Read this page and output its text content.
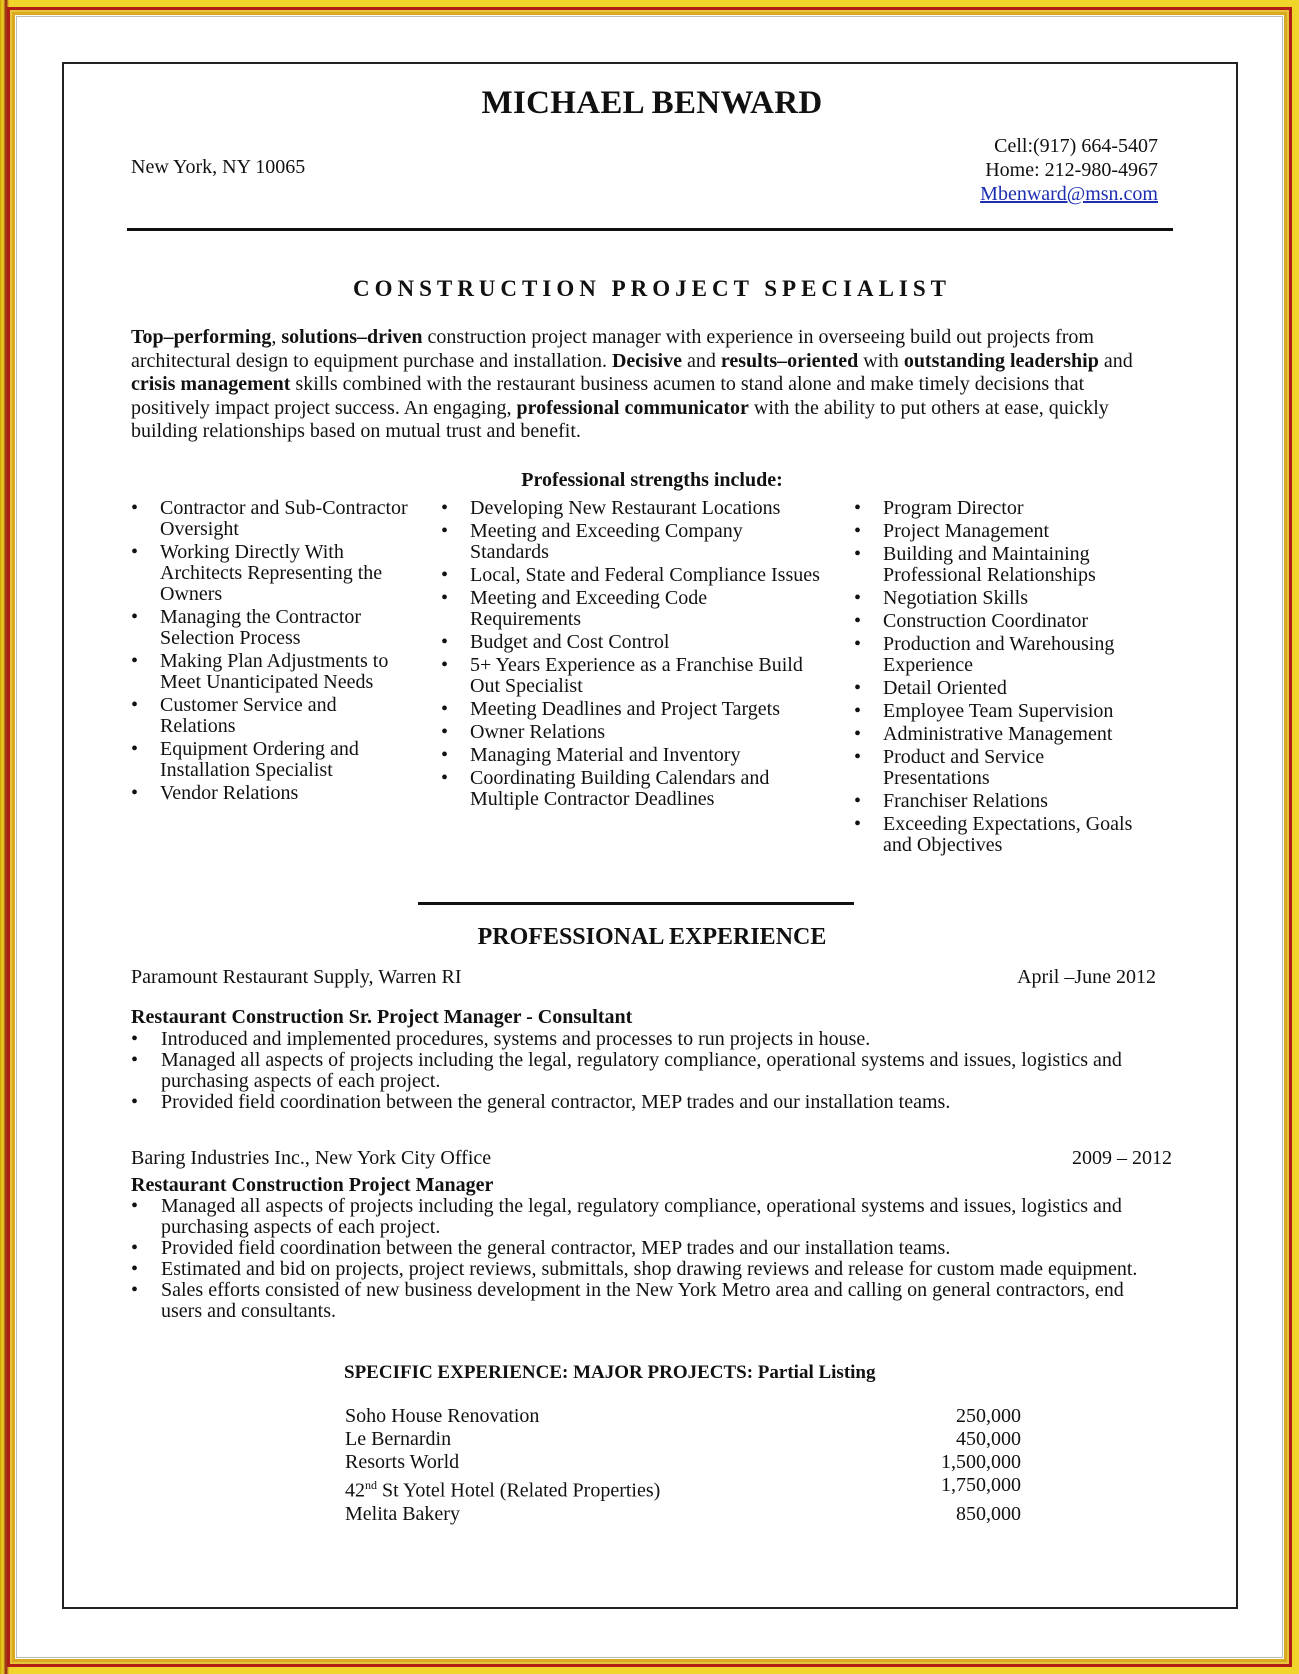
MICHAEL BENWARD
New York, NY 10065
Cell:(917) 664-5407
Home: 212-980-4967
Mbenward@msn.com
CONSTRUCTION PROJECT SPECIALIST
Top–performing, solutions–driven construction project manager with experience in overseeing build out projects from architectural design to equipment purchase and installation. Decisive and results–oriented with outstanding leadership and crisis management skills combined with the restaurant business acumen to stand alone and make timely decisions that positively impact project success. An engaging, professional communicator with the ability to put others at ease, quickly building relationships based on mutual trust and benefit.
Professional strengths include:
• Contractor and Sub-Contractor Oversight
• Working Directly With Architects Representing the Owners
• Managing the Contractor Selection Process
• Making Plan Adjustments to Meet Unanticipated Needs
• Customer Service and Relations
• Equipment Ordering and Installation Specialist
• Vendor Relations
• Developing New Restaurant Locations
• Meeting and Exceeding Company Standards
• Local, State and Federal Compliance Issues
• Meeting and Exceeding Code Requirements
• Budget and Cost Control
• 5+ Years Experience as a Franchise Build Out Specialist
• Meeting Deadlines and Project Targets
• Owner Relations
• Managing Material and Inventory
• Coordinating Building Calendars and Multiple Contractor Deadlines
• Program Director
• Project Management
• Building and Maintaining Professional Relationships
• Negotiation Skills
• Construction Coordinator
• Production and Warehousing Experience
• Detail Oriented
• Employee Team Supervision
• Administrative Management
• Product and Service Presentations
• Franchiser Relations
• Exceeding Expectations, Goals and Objectives
PROFESSIONAL EXPERIENCE
Paramount Restaurant Supply, Warren RI	April –June 2012
Restaurant Construction Sr. Project Manager - Consultant
• Introduced and implemented procedures, systems and processes to run projects in house.
• Managed all aspects of projects including the legal, regulatory compliance, operational systems and issues, logistics and purchasing aspects of each project.
• Provided field coordination between the general contractor, MEP trades and our installation teams.
Baring Industries Inc., New York City Office	2009 – 2012
Restaurant Construction Project Manager
• Managed all aspects of projects including the legal, regulatory compliance, operational systems and issues, logistics and purchasing aspects of each project.
• Provided field coordination between the general contractor, MEP trades and our installation teams.
• Estimated and bid on projects, project reviews, submittals, shop drawing reviews and release for custom made equipment.
• Sales efforts consisted of new business development in the New York Metro area and calling on general contractors, end users and consultants.
SPECIFIC EXPERIENCE: MAJOR PROJECTS: Partial Listing
Soho House Renovation	250,000
Le Bernardin	450,000
Resorts World	1,500,000
42nd St Yotel Hotel (Related Properties)	1,750,000
Melita Bakery	850,000
